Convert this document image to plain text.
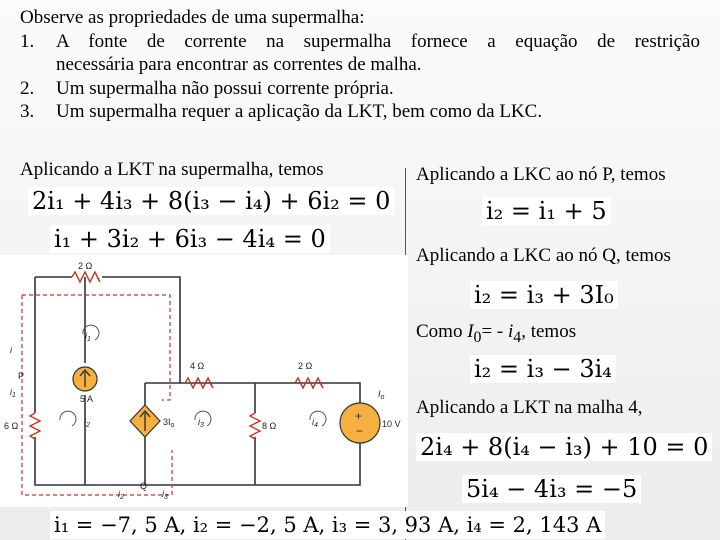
Observe as propriedades de uma supermalha:
1.	A fonte de corrente na supermalha fornece a equação de restrição
necessária para encontrar as correntes de malha.
2.	Um supermalha não possui corrente própria.
3.	Um supermalha requer a aplicação da LKT, bem como da LKC.
Aplicando a LKT na supermalha, temos
2i₁ + 4i₃ + 8(i₃ − i₄) + 6i₂ = 0
i₁ + 3i₂ + 6i₃ − 4i₄ = 0
+
−
2 Ω
4 Ω	2 Ω
6 Ω	8 Ω
5 A
$3I_o$	10 V
P
Q
i
$i_1$
$i_2$	$i_3$	$i_4$
$I_o$
$i_1$
$i_2$	$i_3$
Aplicando a LKC ao nó P, temos
i₂ = i₁ + 5
Aplicando a LKC ao nó Q, temos
i₂ = i₃ + 3I₀
Como $I_0= - i_4$, temos
i₂ = i₃ − 3i₄
Aplicando a LKT na malha 4,
2i₄ + 8(i₄ − i₃) + 10 = 0
5i₄ − 4i₃ = −5
i₁ = −7, 5 A, i₂ = −2, 5 A, i₃ = 3, 93 A, i₄ = 2, 143 A
